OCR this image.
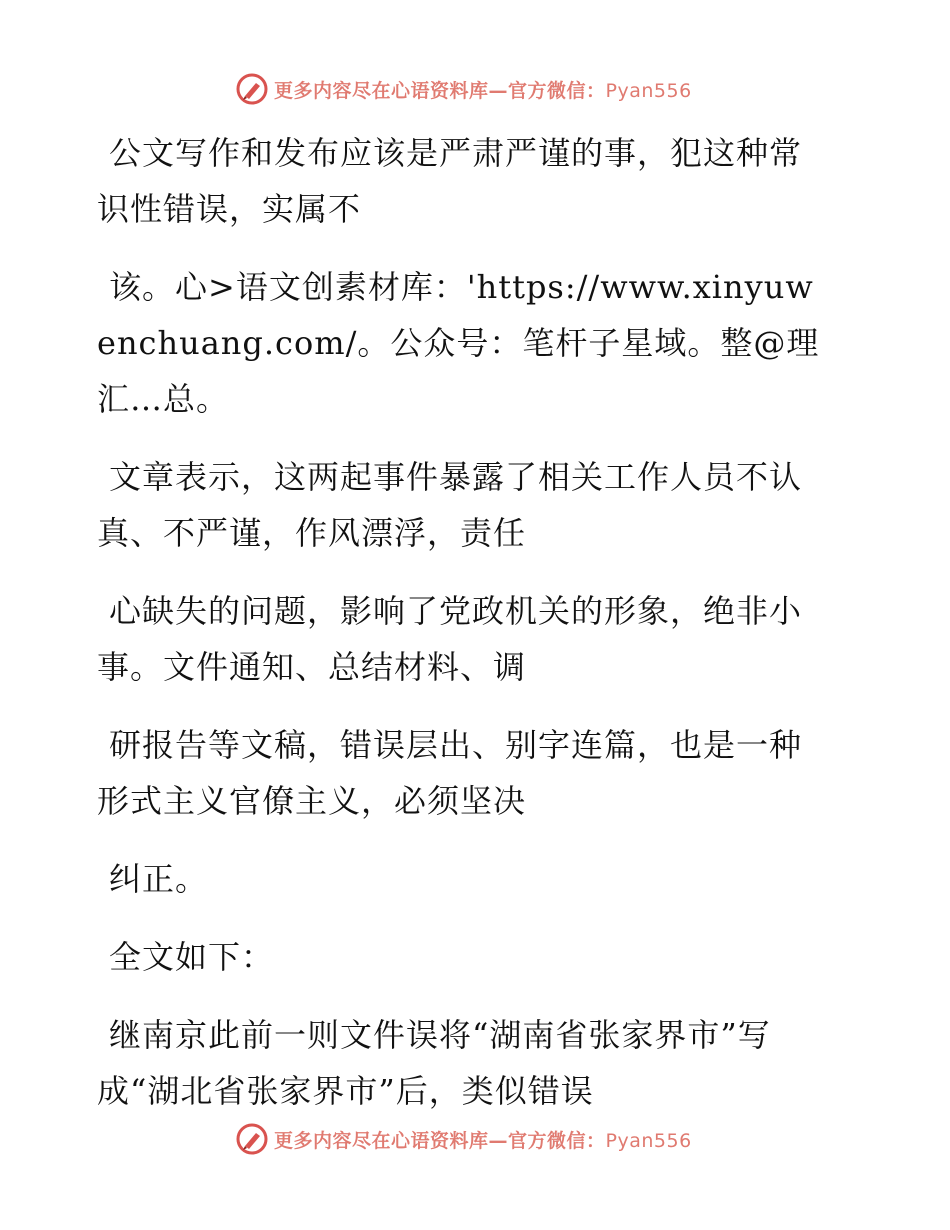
更多内容尽在心语资料库—官方微信：Pyan556

公文写作和发布应该是严肃严谨的事，犯这种常识性错误，实属不

该。心>语文创素材库：'https://www.xinyuwenchuang.com/。公众号：笔杆子星域。整@理汇…总。

文章表示，这两起事件暴露了相关工作人员不认真、不严谨，作风漂浮，责任

心缺失的问题，影响了党政机关的形象，绝非小事。文件通知、总结材料、调

研报告等文稿，错误层出、别字连篇，也是一种形式主义官僚主义，必须坚决

纠正。

全文如下：

继南京此前一则文件误将“湖南省张家界市”写成“湖北省张家界市”后，类似错误

更多内容尽在心语资料库—官方微信：Pyan556
